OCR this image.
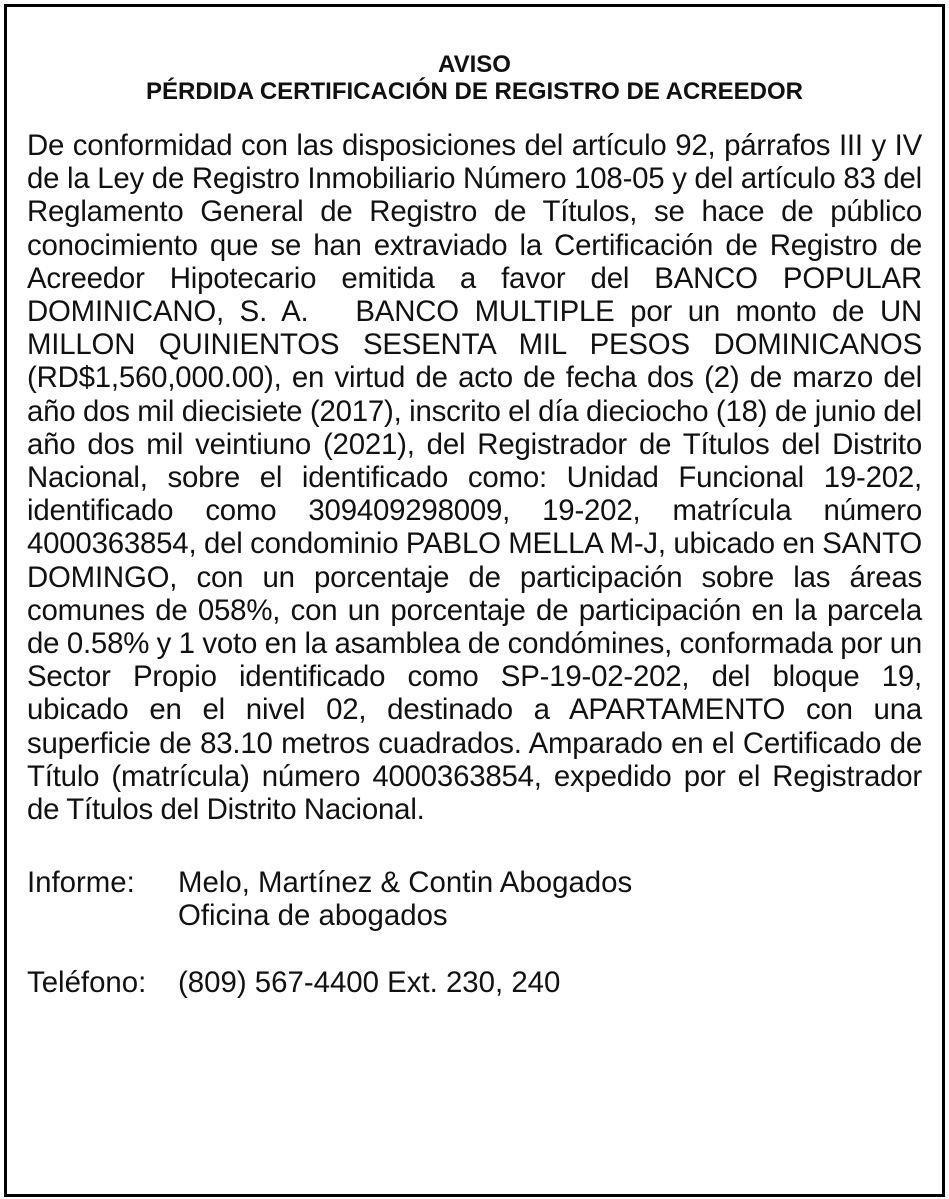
AVISO
PÉRDIDA CERTIFICACIÓN DE REGISTRO DE ACREEDOR

De conformidad con las disposiciones del artículo 92, párrafos III y IV de la Ley de Registro Inmobiliario Número 108-05 y del artículo 83 del Reglamento General de Registro de Títulos, se hace de público conocimiento que se han extraviado la Certificación de Registro de Acreedor Hipotecario emitida a favor del BANCO POPULAR DOMINICANO, S. A.   BANCO MULTIPLE por un monto de UN MILLON QUINIENTOS SESENTA MIL PESOS DOMINICANOS (RD$1,560,000.00), en virtud de acto de fecha dos (2) de marzo del año dos mil diecisiete (2017), inscrito el día dieciocho (18) de junio del año dos mil veintiuno (2021), del Registrador de Títulos del Distrito Nacional, sobre el identificado como: Unidad Funcional 19-202, identificado como 309409298009, 19-202, matrícula número 4000363854, del condominio PABLO MELLA M-J, ubicado en SANTO DOMINGO, con un porcentaje de participación sobre las áreas comunes de 058%, con un porcentaje de participación en la parcela de 0.58% y 1 voto en la asamblea de condómines, conformada por un Sector Propio identificado como SP-19-02-202, del bloque 19, ubicado en el nivel 02, destinado a APARTAMENTO con una superficie de 83.10 metros cuadrados. Amparado en el Certificado de Título (matrícula) número 4000363854, expedido por el Registrador de Títulos del Distrito Nacional.

Informe:	Melo, Martínez & Contin Abogados
Oficina de abogados
Teléfono:	(809) 567-4400 Ext. 230, 240
